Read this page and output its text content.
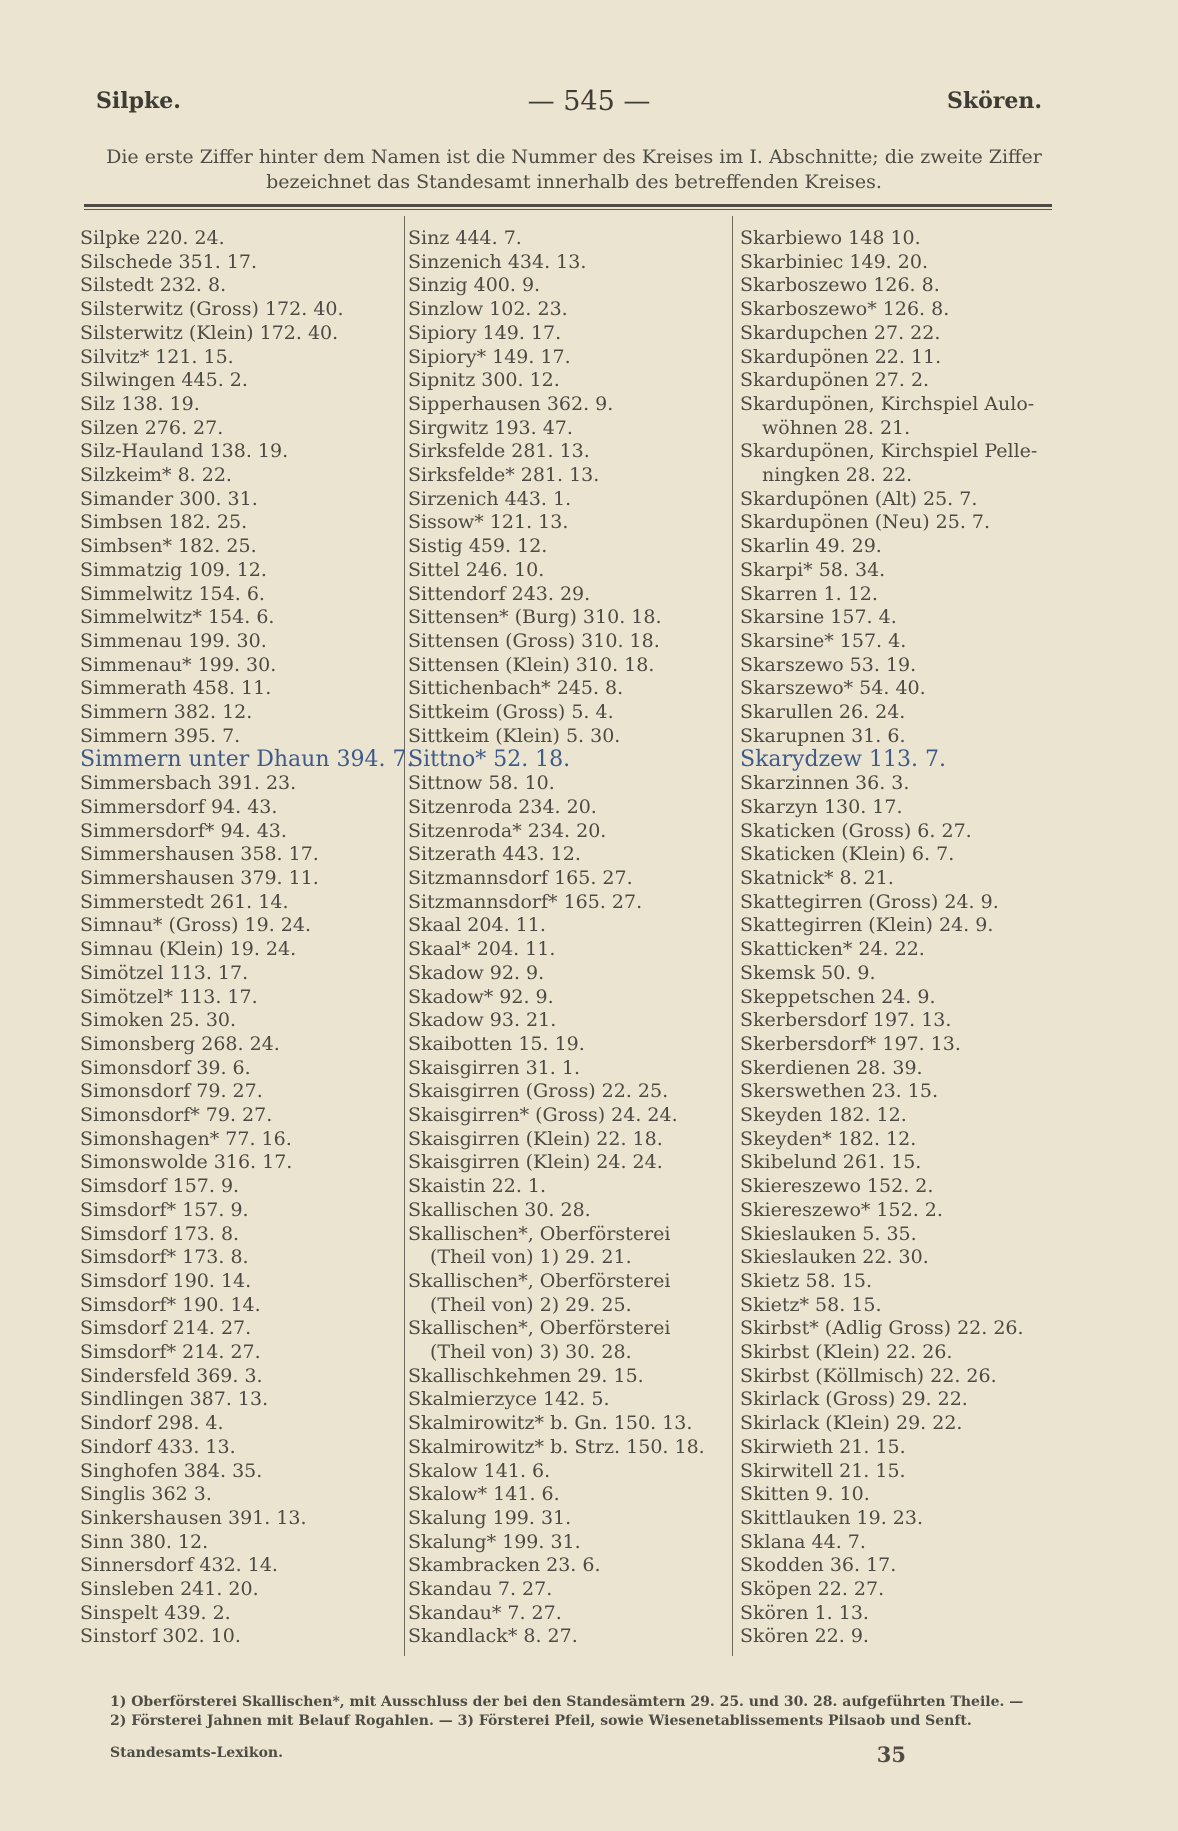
Silpke.	— 545 —	Skören.
Die erste Ziffer hinter dem Namen ist die Nummer des Kreises im I. Abschnitte; die zweite Ziffer bezeichnet das Standesamt innerhalb des betreffenden Kreises.
Silpke 220. 24.
Silschede 351. 17.
Silstedt 232. 8.
Silsterwitz (Gross) 172. 40.
Silsterwitz (Klein) 172. 40.
Silvitz* 121. 15.
Silwingen 445. 2.
Silz 138. 19.
Silzen 276. 27.
Silz-Hauland 138. 19.
Silzkeim* 8. 22.
Simander 300. 31.
Simbsen 182. 25.
Simbsen* 182. 25.
Simmatzig 109. 12.
Simmelwitz 154. 6.
Simmelwitz* 154. 6.
Simmenau 199. 30.
Simmenau* 199. 30.
Simmerath 458. 11.
Simmern 382. 12.
Simmern 395. 7.
Simmern unter Dhaun 394. 7.
Simmersbach 391. 23.
Simmersdorf 94. 43.
Simmersdorf* 94. 43.
Simmershausen 358. 17.
Simmershausen 379. 11.
Simmerstedt 261. 14.
Simnau* (Gross) 19. 24.
Simnau (Klein) 19. 24.
Simötzel 113. 17.
Simötzel* 113. 17.
Simoken 25. 30.
Simonsberg 268. 24.
Simonsdorf 39. 6.
Simonsdorf 79. 27.
Simonsdorf* 79. 27.
Simonshagen* 77. 16.
Simonswolde 316. 17.
Simsdorf 157. 9.
Simsdorf* 157. 9.
Simsdorf 173. 8.
Simsdorf* 173. 8.
Simsdorf 190. 14.
Simsdorf* 190. 14.
Simsdorf 214. 27.
Simsdorf* 214. 27.
Sindersfeld 369. 3.
Sindlingen 387. 13.
Sindorf 298. 4.
Sindorf 433. 13.
Singhofen 384. 35.
Singlis 362 3.
Sinkershausen 391. 13.
Sinn 380. 12.
Sinnersdorf 432. 14.
Sinsleben 241. 20.
Sinspelt 439. 2.
Sinstorf 302. 10.
Sinz 444. 7.
Sinzenich 434. 13.
Sinzig 400. 9.
Sinzlow 102. 23.
Sipiory 149. 17.
Sipiory* 149. 17.
Sipnitz 300. 12.
Sipperhausen 362. 9.
Sirgwitz 193. 47.
Sirksfelde 281. 13.
Sirksfelde* 281. 13.
Sirzenich 443. 1.
Sissow* 121. 13.
Sistig 459. 12.
Sittel 246. 10.
Sittendorf 243. 29.
Sittensen* (Burg) 310. 18.
Sittensen (Gross) 310. 18.
Sittensen (Klein) 310. 18.
Sittichenbach* 245. 8.
Sittkeim (Gross) 5. 4.
Sittkeim (Klein) 5. 30.
Sittno* 52. 18.
Sittnow 58. 10.
Sitzenroda 234. 20.
Sitzenroda* 234. 20.
Sitzerath 443. 12.
Sitzmannsdorf 165. 27.
Sitzmannsdorf* 165. 27.
Skaal 204. 11.
Skaal* 204. 11.
Skadow 92. 9.
Skadow* 92. 9.
Skadow 93. 21.
Skaibotten 15. 19.
Skaisgirren 31. 1.
Skaisgirren (Gross) 22. 25.
Skaisgirren* (Gross) 24. 24.
Skaisgirren (Klein) 22. 18.
Skaisgirren (Klein) 24. 24.
Skaistin 22. 1.
Skallischen 30. 28.
Skallischen*, Oberförsterei
(Theil von) 1) 29. 21.
Skallischen*, Oberförsterei
(Theil von) 2) 29. 25.
Skallischen*, Oberförsterei
(Theil von) 3) 30. 28.
Skallischkehmen 29. 15.
Skalmierzyce 142. 5.
Skalmirowitz* b. Gn. 150. 13.
Skalmirowitz* b. Strz. 150. 18.
Skalow 141. 6.
Skalow* 141. 6.
Skalung 199. 31.
Skalung* 199. 31.
Skambracken 23. 6.
Skandau 7. 27.
Skandau* 7. 27.
Skandlack* 8. 27.
Skarbiewo 148 10.
Skarbiniec 149. 20.
Skarboszewo 126. 8.
Skarboszewo* 126. 8.
Skardupchen 27. 22.
Skardupönen 22. 11.
Skardupönen 27. 2.
Skardupönen, Kirchspiel Aulo-
wöhnen 28. 21.
Skardupönen, Kirchspiel Pelle-
ningken 28. 22.
Skardupönen (Alt) 25. 7.
Skardupönen (Neu) 25. 7.
Skarlin 49. 29.
Skarpi* 58. 34.
Skarren 1. 12.
Skarsine 157. 4.
Skarsine* 157. 4.
Skarszewo 53. 19.
Skarszewo* 54. 40.
Skarullen 26. 24.
Skarupnen 31. 6.
Skarydzew 113. 7.
Skarzinnen 36. 3.
Skarzyn 130. 17.
Skaticken (Gross) 6. 27.
Skaticken (Klein) 6. 7.
Skatnick* 8. 21.
Skattegirren (Gross) 24. 9.
Skattegirren (Klein) 24. 9.
Skatticken* 24. 22.
Skemsk 50. 9.
Skeppetschen 24. 9.
Skerbersdorf 197. 13.
Skerbersdorf* 197. 13.
Skerdienen 28. 39.
Skerswethen 23. 15.
Skeyden 182. 12.
Skeyden* 182. 12.
Skibelund 261. 15.
Skiereszewo 152. 2.
Skiereszewo* 152. 2.
Skieslauken 5. 35.
Skieslauken 22. 30.
Skietz 58. 15.
Skietz* 58. 15.
Skirbst* (Adlig Gross) 22. 26.
Skirbst (Klein) 22. 26.
Skirbst (Köllmisch) 22. 26.
Skirlack (Gross) 29. 22.
Skirlack (Klein) 29. 22.
Skirwieth 21. 15.
Skirwitell 21. 15.
Skitten 9. 10.
Skittlauken 19. 23.
Sklana 44. 7.
Skodden 36. 17.
Sköpen 22. 27.
Skören 1. 13.
Skören 22. 9.
1) Oberförsterei Skallischen*, mit Ausschluss der bei den Standesämtern 29. 25. und 30. 28. aufgeführten Theile. —
2) Försterei Jahnen mit Belauf Rogahlen. — 3) Försterei Pfeil, sowie Wiesenetablissements Pilsaob und Senft.
Standesamts-Lexikon.	35
